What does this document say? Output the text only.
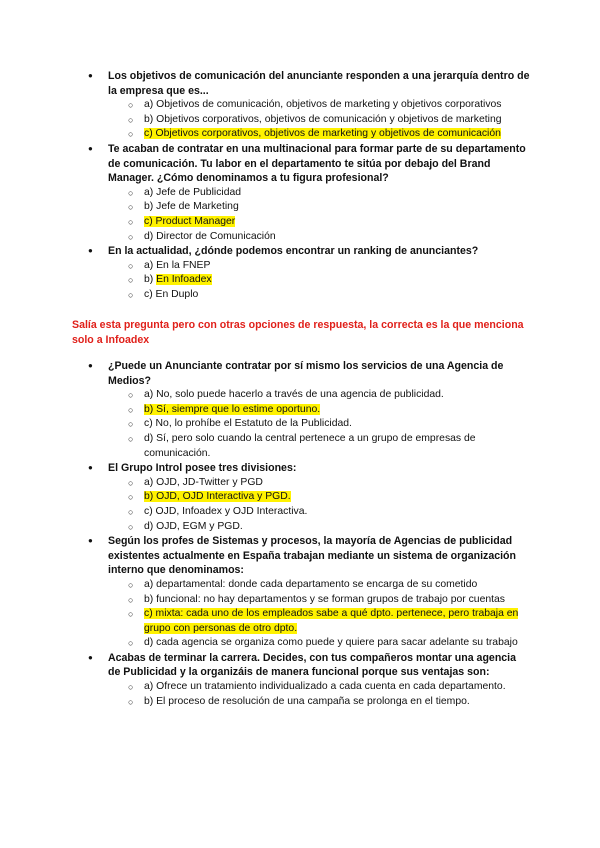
● Los objetivos de comunicación del anunciante responden a una jerarquía dentro de la empresa que es...
○ a) Objetivos de comunicación, objetivos de marketing y objetivos corporativos
○ b) Objetivos corporativos, objetivos de comunicación y objetivos de marketing
○ c) Objetivos corporativos, objetivos de marketing y objetivos de comunicación
● Te acaban de contratar en una multinacional para formar parte de su departamento de comunicación. Tu labor en el departamento te sitúa por debajo del Brand Manager. ¿Cómo denominamos a tu figura profesional?
○ a) Jefe de Publicidad
○ b) Jefe de Marketing
○ c) Product Manager
○ d) Director de Comunicación
● En la actualidad, ¿dónde podemos encontrar un ranking de anunciantes?
○ a) En la FNEP
○ b) En Infoadex
○ c) En Duplo
Salía esta pregunta pero con otras opciones de respuesta, la correcta es la que menciona solo a Infoadex
● ¿Puede un Anunciante contratar por sí mismo los servicios de una Agencia de Medios?
○ a) No, solo puede hacerlo a través de una agencia de publicidad.
○ b) Sí, siempre que lo estime oportuno.
○ c) No, lo prohíbe el Estatuto de la Publicidad.
○ d) Sí, pero solo cuando la central pertenece a un grupo de empresas de comunicación.
● El Grupo Introl posee tres divisiones:
○ a) OJD, JD-Twitter y PGD
○ b) OJD, OJD Interactiva y PGD.
○ c) OJD, Infoadex y OJD Interactiva.
○ d) OJD, EGM y PGD.
● Según los profes de Sistemas y procesos, la mayoría de Agencias de publicidad existentes actualmente en España trabajan mediante un sistema de organización interno que denominamos:
○ a) departamental: donde cada departamento se encarga de su cometido
○ b) funcional: no hay departamentos y se forman grupos de trabajo por cuentas
○ c) mixta: cada uno de los empleados sabe a qué dpto. pertenece, pero trabaja en grupo con personas de otro dpto.
○ d) cada agencia se organiza como puede y quiere para sacar adelante su trabajo
● Acabas de terminar la carrera. Decides, con tus compañeros montar una agencia de Publicidad y la organizáis de manera funcional porque sus ventajas son:
○ a) Ofrece un tratamiento individualizado a cada cuenta en cada departamento.
○ b) El proceso de resolución de una campaña se prolonga en el tiempo.
